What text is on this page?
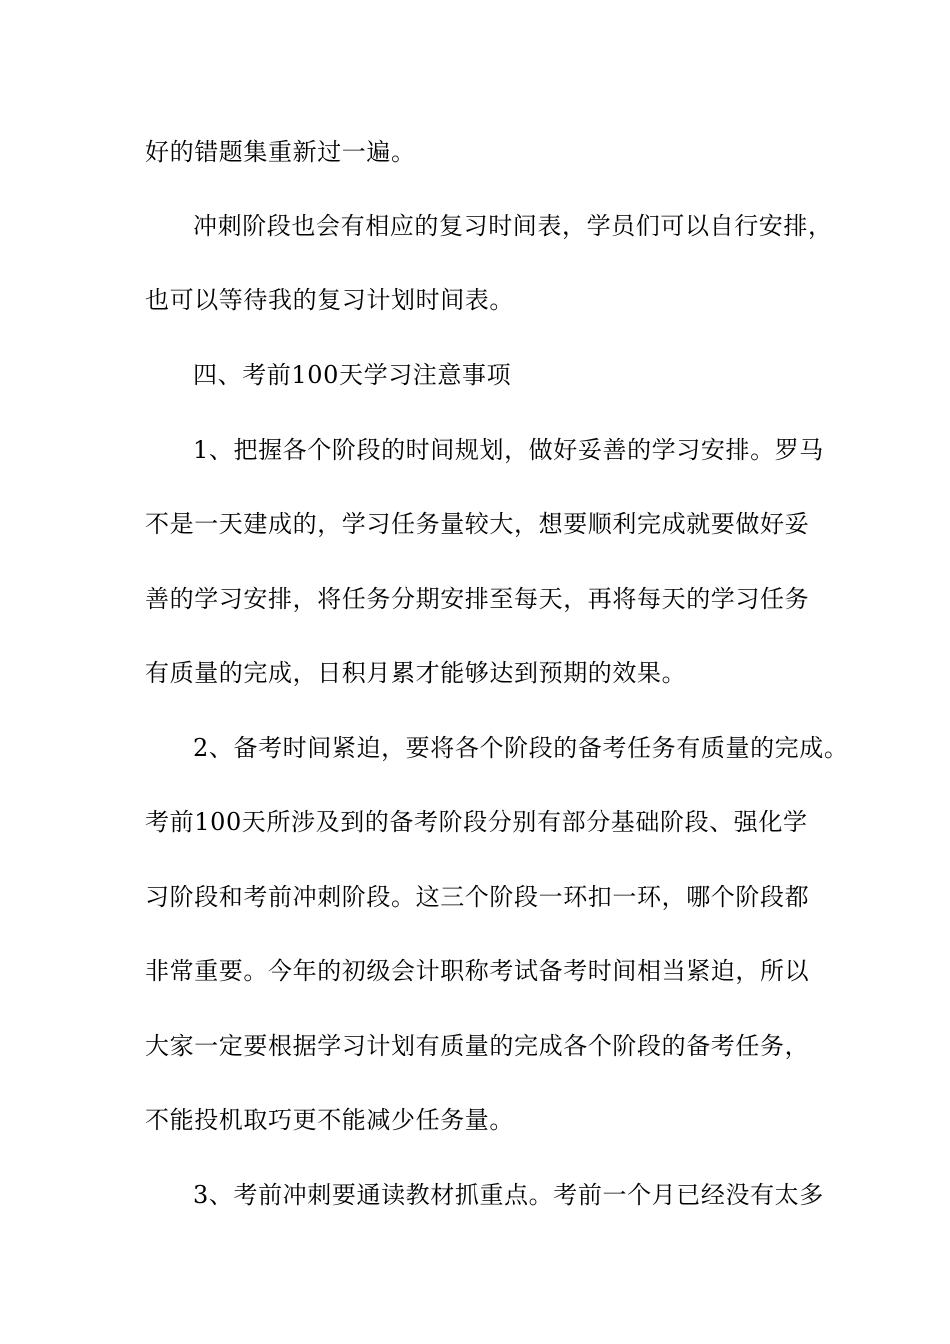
好的错题集重新过一遍。
冲刺阶段也会有相应的复习时间表，学员们可以自行安排，
也可以等待我的复习计划时间表。
四、考前100天学习注意事项
1、把握各个阶段的时间规划，做好妥善的学习安排。罗马
不是一天建成的，学习任务量较大，想要顺利完成就要做好妥
善的学习安排，将任务分期安排至每天，再将每天的学习任务
有质量的完成，日积月累才能够达到预期的效果。
2、备考时间紧迫，要将各个阶段的备考任务有质量的完成。
考前100天所涉及到的备考阶段分别有部分基础阶段、强化学
习阶段和考前冲刺阶段。这三个阶段一环扣一环，哪个阶段都
非常重要。今年的初级会计职称考试备考时间相当紧迫，所以
大家一定要根据学习计划有质量的完成各个阶段的备考任务，
不能投机取巧更不能减少任务量。
3、考前冲刺要通读教材抓重点。考前一个月已经没有太多
